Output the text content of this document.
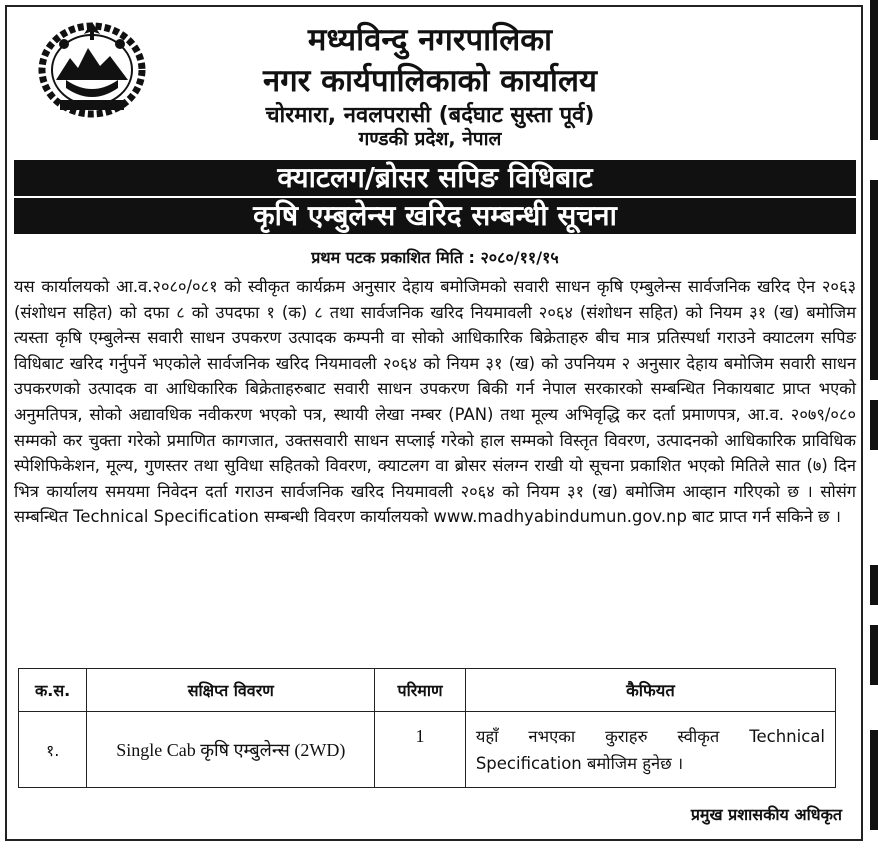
मध्यविन्दु नगरपालिका
नगर कार्यपालिकाको कार्यालय
चोरमारा, नवलपरासी (बर्दघाट सुस्ता पूर्व)
गण्डकी प्रदेश, नेपाल
क्याटलग/ब्रोसर सपिङ विधिबाट
कृषि एम्बुलेन्स खरिद सम्बन्धी सूचना
प्रथम पटक प्रकाशित मिति : २०८०/११/१५
यस कार्यालयको आ.व.२०८०/०८१ को स्वीकृत कार्यक्रम अनुसार देहाय बमोजिमको सवारी साधन कृषि एम्बुलेन्स सार्वजनिक खरिद ऐन २०६३ (संशोधन सहित) को दफा ८ को उपदफा १ (क) ८ तथा सार्वजनिक खरिद नियमावली २०६४ (संशोधन सहित) को नियम ३१ (ख) बमोजिम त्यस्ता कृषि एम्बुलेन्स सवारी साधन उपकरण उत्पादक कम्पनी वा सोको आधिकारिक बिक्रेताहरु बीच मात्र प्रतिस्पर्धा गराउने क्याटलग सपिङ विधिबाट खरिद गर्नुपर्ने भएकोले सार्वजनिक खरिद नियमावली २०६४ को नियम ३१ (ख) को उपनियम २ अनुसार देहाय बमोजिम सवारी साधन उपकरणको उत्पादक वा आधिकारिक बिक्रेताहरुबाट सवारी साधन उपकरण बिकी गर्न नेपाल सरकारको सम्बन्धित निकायबाट प्राप्त भएको अनुमतिपत्र, सोको अद्यावधिक नवीकरण भएको पत्र, स्थायी लेखा नम्बर (PAN) तथा मूल्य अभिवृद्धि कर दर्ता प्रमाणपत्र, आ.व. २०७९/०८० सम्मको कर चुक्ता गरेको प्रमाणित कागजात, उक्तसवारी साधन सप्लाई गरेको हाल सम्मको विस्तृत विवरण, उत्पादनको आधिकारिक प्राविधिक स्पेशिफिकेशन, मूल्य, गुणस्तर तथा सुविधा सहितको विवरण, क्याटलग वा ब्रोसर संलग्न राखी यो सूचना प्रकाशित भएको मितिले सात (७) दिन भित्र कार्यालय समयमा निवेदन दर्ता गराउन सार्वजनिक खरिद नियमावली २०६४ को नियम ३१ (ख) बमोजिम आव्हान गरिएको छ । सोसंग सम्बन्धित Technical Specification सम्बन्धी विवरण कार्यालयको www.madhyabindumun.gov.np बाट प्राप्त गर्न सकिने छ ।
क.स.	सक्षिप्त विवरण	परिमाण	कैफियत
१.	Single Cab कृषि एम्बुलेन्स (2WD)	1	यहाँ नभएका कुराहरु स्वीकृत Technical Specification बमोजिम हुनेछ ।
प्रमुख प्रशासकीय अधिकृत
